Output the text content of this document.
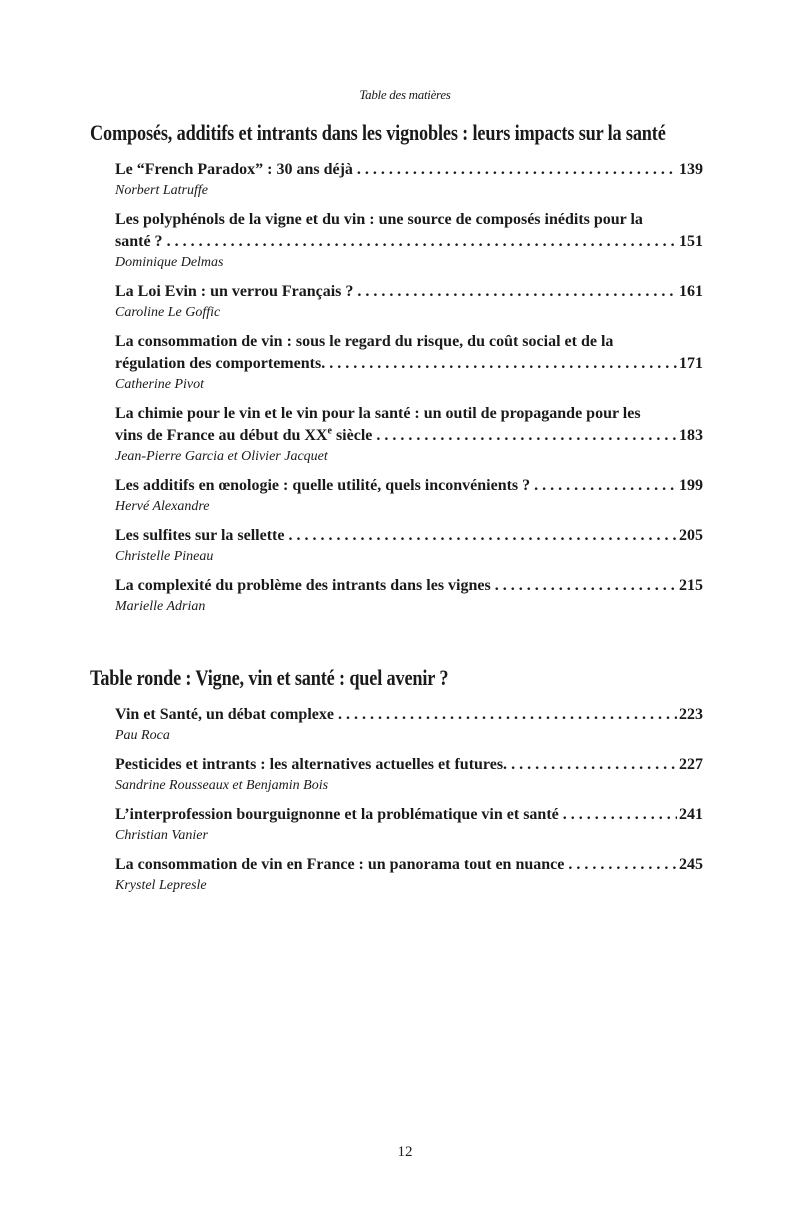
Table des matières
Composés, additifs et intrants dans les vignobles : leurs impacts sur la santé
Le “French Paradox” : 30 ans déjà . . .	139
Norbert Latruffe
Les polyphénols de la vigne et du vin : une source de composés inédits pour la
santé ? . . .	151
Dominique Delmas
La Loi Evin : un verrou Français ? . . .	161
Caroline Le Goffic
La consommation de vin : sous le regard du risque, du coût social et de la
régulation des comportements. . . .	171
Catherine Pivot
La chimie pour le vin et le vin pour la santé : un outil de propagande pour les
vins de France au début du XXe siècle . . .	183
Jean-Pierre Garcia et Olivier Jacquet
Les additifs en œnologie : quelle utilité, quels inconvénients ? . . .	199
Hervé Alexandre
Les sulfites sur la sellette . . .	205
Christelle Pineau
La complexité du problème des intrants dans les vignes . . .	215
Marielle Adrian
Table ronde : Vigne, vin et santé : quel avenir ?
Vin et Santé, un débat complexe . . .	223
Pau Roca
Pesticides et intrants : les alternatives actuelles et futures. . . .	227
Sandrine Rousseaux et Benjamin Bois
L’interprofession bourguignonne et la problématique vin et santé . . .	241
Christian Vanier
La consommation de vin en France : un panorama tout en nuance . . .	245
Krystel Lepresle
12
